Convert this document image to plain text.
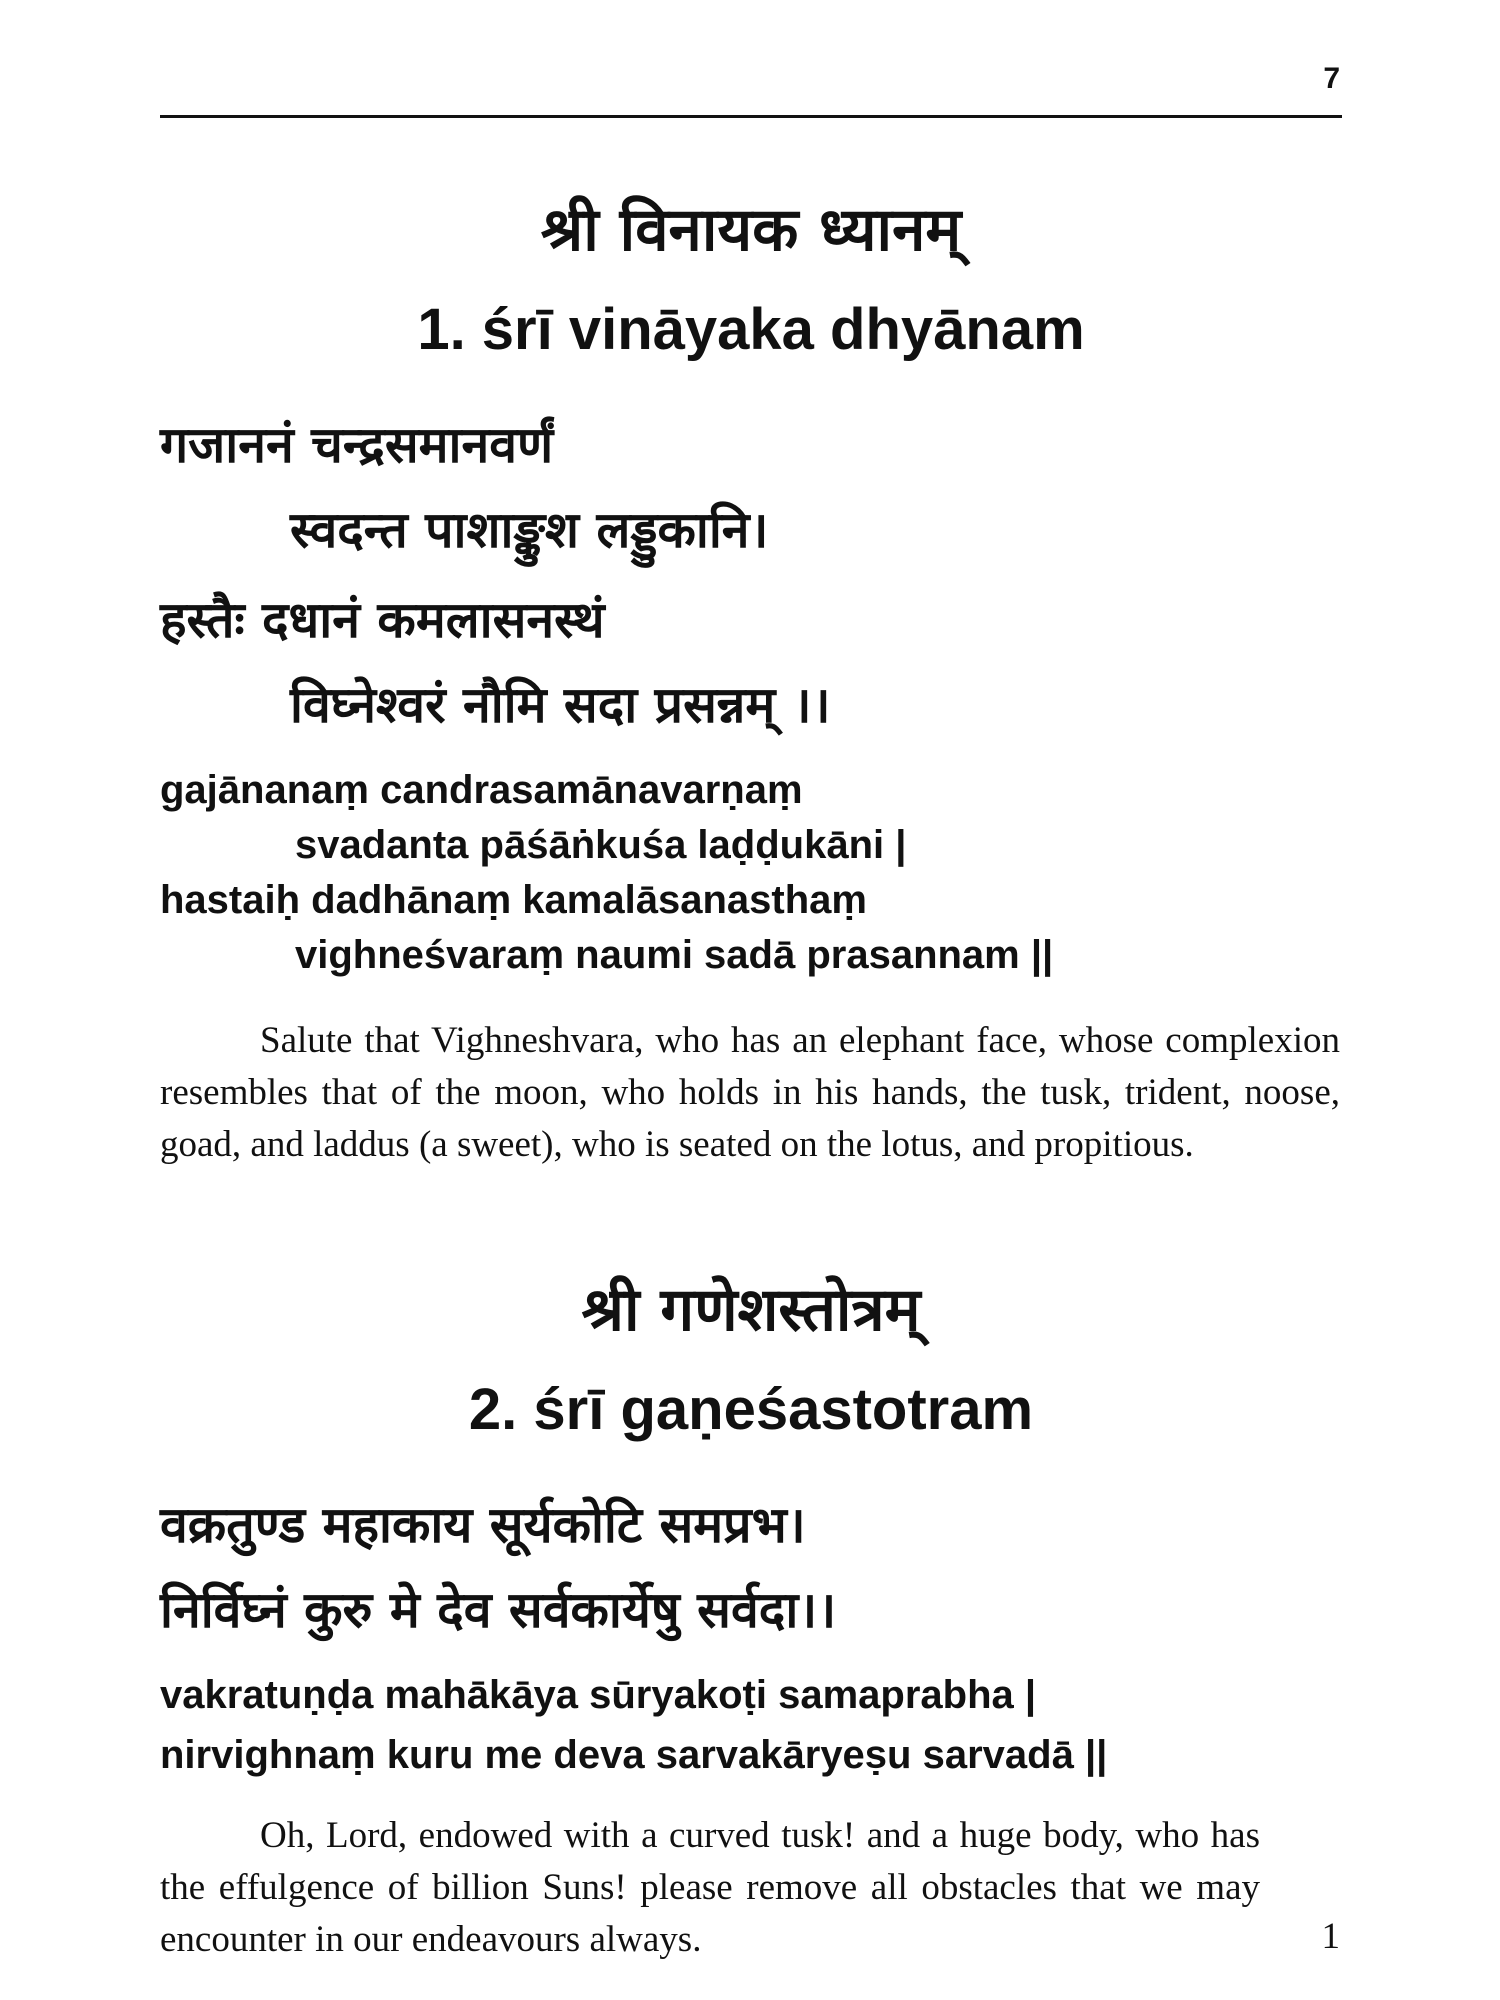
7
श्री विनायक ध्यानम्
1. śrī vināyaka dhyānam
गजाननं चन्द्रसमानवर्णं
स्वदन्त पाशाङ्कुश लड्डुकानि।
हस्तैः दधानं कमलासनस्थं
विघ्नेश्वरं नौमि सदा प्रसन्नम् ।।
gajānanaṃ candrasamānavarṇaṃ
svadanta pāśāṅkuśa laḍḍukāni |
hastaiḥ dadhānaṃ kamalāsanasthaṃ
vighneśvaraṃ naumi sadā prasannam ||

Salute that Vighneshvara, who has an elephant face, whose complexion resembles that of the moon, who holds in his hands, the tusk, trident, noose, goad, and laddus (a sweet), who is seated on the lotus, and propitious.

श्री गणेशस्तोत्रम्
2. śrī gaṇeśastotram
वक्रतुण्ड महाकाय सूर्यकोटि समप्रभ।
निर्विघ्नं कुरु मे देव सर्वकार्येषु सर्वदा।।
vakratuṇḍa mahākāya sūryakoṭi samaprabha |
nirvighnaṃ kuru me deva sarvakāryeṣu sarvadā ||

Oh, Lord, endowed with a curved tusk! and a huge body, who has the effulgence of billion Suns! please remove all obstacles that we may encounter in our endeavours always.	1
